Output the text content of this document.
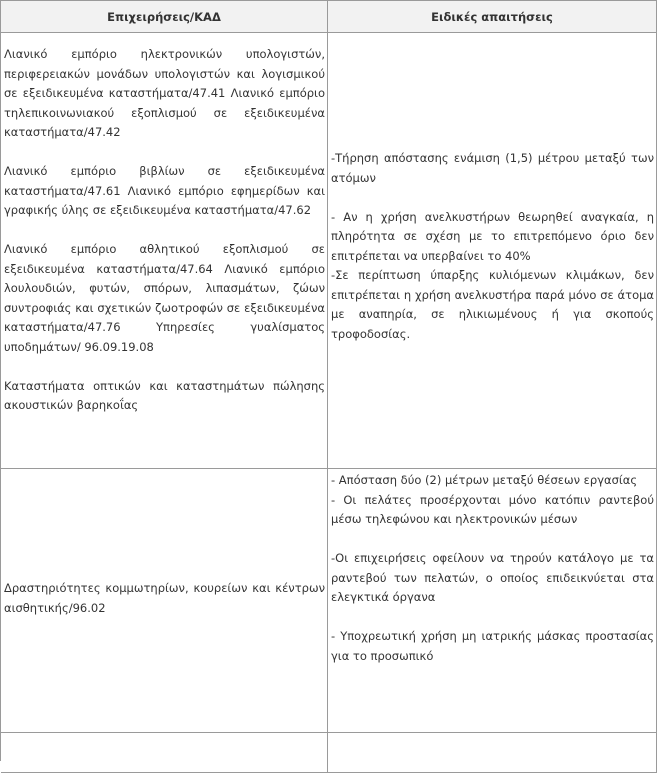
Επιχειρήσεις/ΚΑΔ	Ειδικές απαιτήσεις

Λιανικό εμπόριο ηλεκτρονικών υπολογιστών, περιφερειακών μονάδων υπολογιστών και λογισμικού σε εξειδικευμένα καταστήματα/47.41 Λιανικό εμπόριο τηλεπικοινωνιακού εξοπλισμού σε εξειδικευμένα καταστήματα/47.42

Λιανικό εμπόριο βιβλίων σε εξειδικευμένα καταστήματα/47.61 Λιανικό εμπόριο εφημερίδων και γραφικής ύλης σε εξειδικευμένα καταστήματα/47.62

Λιανικό εμπόριο αθλητικού εξοπλισμού σε εξειδικευμένα καταστήματα/47.64 Λιανικό εμπόριο λουλουδιών, φυτών, σπόρων, λιπασμάτων, ζώων συντροφιάς και σχετικών ζωοτροφών σε εξειδικευμένα καταστήματα/47.76 Υπηρεσίες γυαλίσματος υποδημάτων/ 96.09.19.08

Καταστήματα οπτικών και καταστημάτων πώλησης ακουστικών βαρηκοΐας

-Τήρηση απόστασης ενάμιση (1,5) μέτρου μεταξύ των ατόμων

- Αν η χρήση ανελκυστήρων θεωρηθεί αναγκαία, η πληρότητα σε σχέση με το επιτρεπόμενο όριο δεν επιτρέπεται να υπερβαίνει το 40%

-Σε περίπτωση ύπαρξης κυλιόμενων κλιμάκων, δεν επιτρέπεται η χρήση ανελκυστήρα παρά μόνο σε άτομα με αναπηρία, σε ηλικιωμένους ή για σκοπούς τροφοδοσίας.

Δραστηριότητες κομμωτηρίων, κουρείων και κέντρων αισθητικής/96.02

- Απόσταση δύο (2) μέτρων μεταξύ θέσεων εργασίας

- Οι πελάτες προσέρχονται μόνο κατόπιν ραντεβού μέσω τηλεφώνου και ηλεκτρονικών μέσων

-Οι επιχειρήσεις οφείλουν να τηρούν κατάλογο με τα ραντεβού των πελατών, ο οποίος επιδεικνύεται στα ελεγκτικά όργανα

- Υποχρεωτική χρήση μη ιατρικής μάσκας προστασίας για το προσωπικό
